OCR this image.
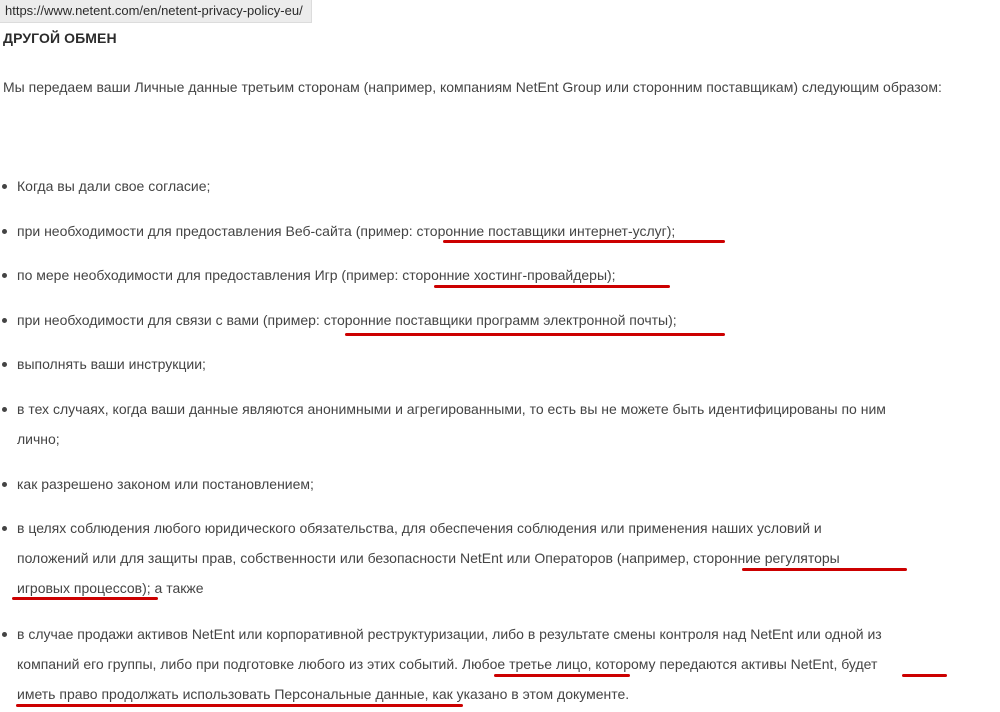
https://www.netent.com/en/netent-privacy-policy-eu/
ДРУГОЙ ОБМЕН
Мы передаем ваши Личные данные третьим сторонам (например, компаниям NetEnt Group или сторонним поставщикам) следующим образом:
Когда вы дали свое согласие;
при необходимости для предоставления Веб-сайта (пример: сторонние поставщики интернет-услуг);
по мере необходимости для предоставления Игр (пример: сторонние хостинг-провайдеры);
при необходимости для связи с вами (пример: сторонние поставщики программ электронной почты);
выполнять ваши инструкции;
в тех случаях, когда ваши данные являются анонимными и агрегированными, то есть вы не можете быть идентифицированы по ним
лично;
как разрешено законом или постановлением;
в целях соблюдения любого юридического обязательства, для обеспечения соблюдения или применения наших условий и
положений или для защиты прав, собственности или безопасности NetEnt или Операторов (например, сторонние регуляторы
игровых процессов); а также
в случае продажи активов NetEnt или корпоративной реструктуризации, либо в результате смены контроля над NetEnt или одной из
компаний его группы, либо при подготовке любого из этих событий. Любое третье лицо, которому передаются активы NetEnt, будет
иметь право продолжать использовать Персональные данные, как указано в этом документе.
